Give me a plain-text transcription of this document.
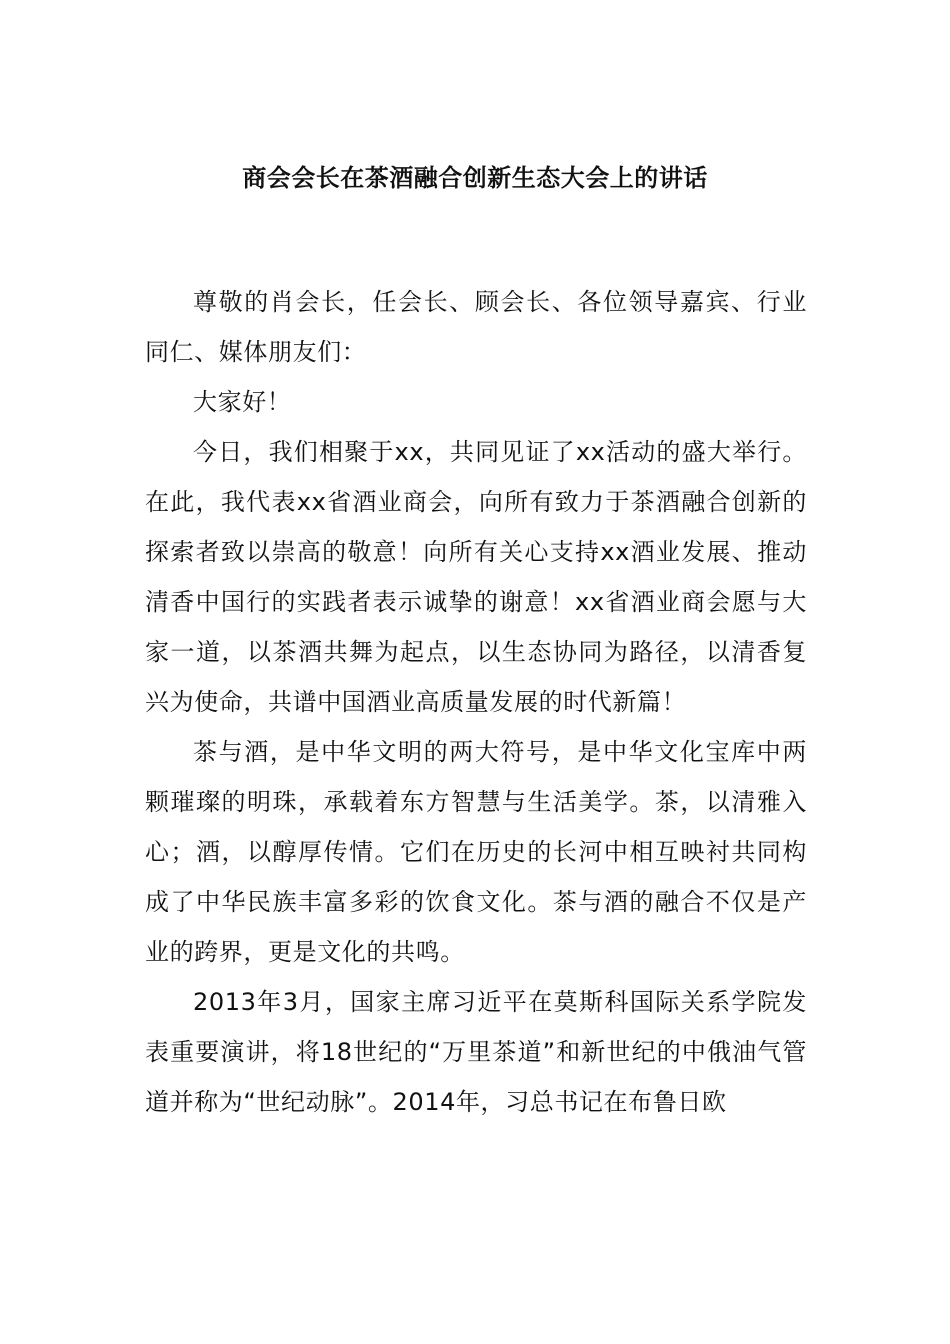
商会会长在茶酒融合创新生态大会上的讲话

尊敬的肖会长，任会长、顾会长、各位领导嘉宾、行业同仁、媒体朋友们：

大家好！

今日，我们相聚于xx，共同见证了xx活动的盛大举行。在此，我代表xx省酒业商会，向所有致力于茶酒融合创新的探索者致以崇高的敬意！向所有关心支持xx酒业发展、推动清香中国行的实践者表示诚挚的谢意！xx省酒业商会愿与大家一道，以茶酒共舞为起点，以生态协同为路径，以清香复兴为使命，共谱中国酒业高质量发展的时代新篇！

茶与酒，是中华文明的两大符号，是中华文化宝库中两颗璀璨的明珠，承载着东方智慧与生活美学。茶，以清雅入心；酒，以醇厚传情。它们在历史的长河中相互映衬共同构成了中华民族丰富多彩的饮食文化。茶与酒的融合不仅是产业的跨界，更是文化的共鸣。

2013年3月，国家主席习近平在莫斯科国际关系学院发表重要演讲，将18世纪的“万里茶道”和新世纪的中俄油气管道并称为“世纪动脉”。2014年，习总书记在布鲁日欧
